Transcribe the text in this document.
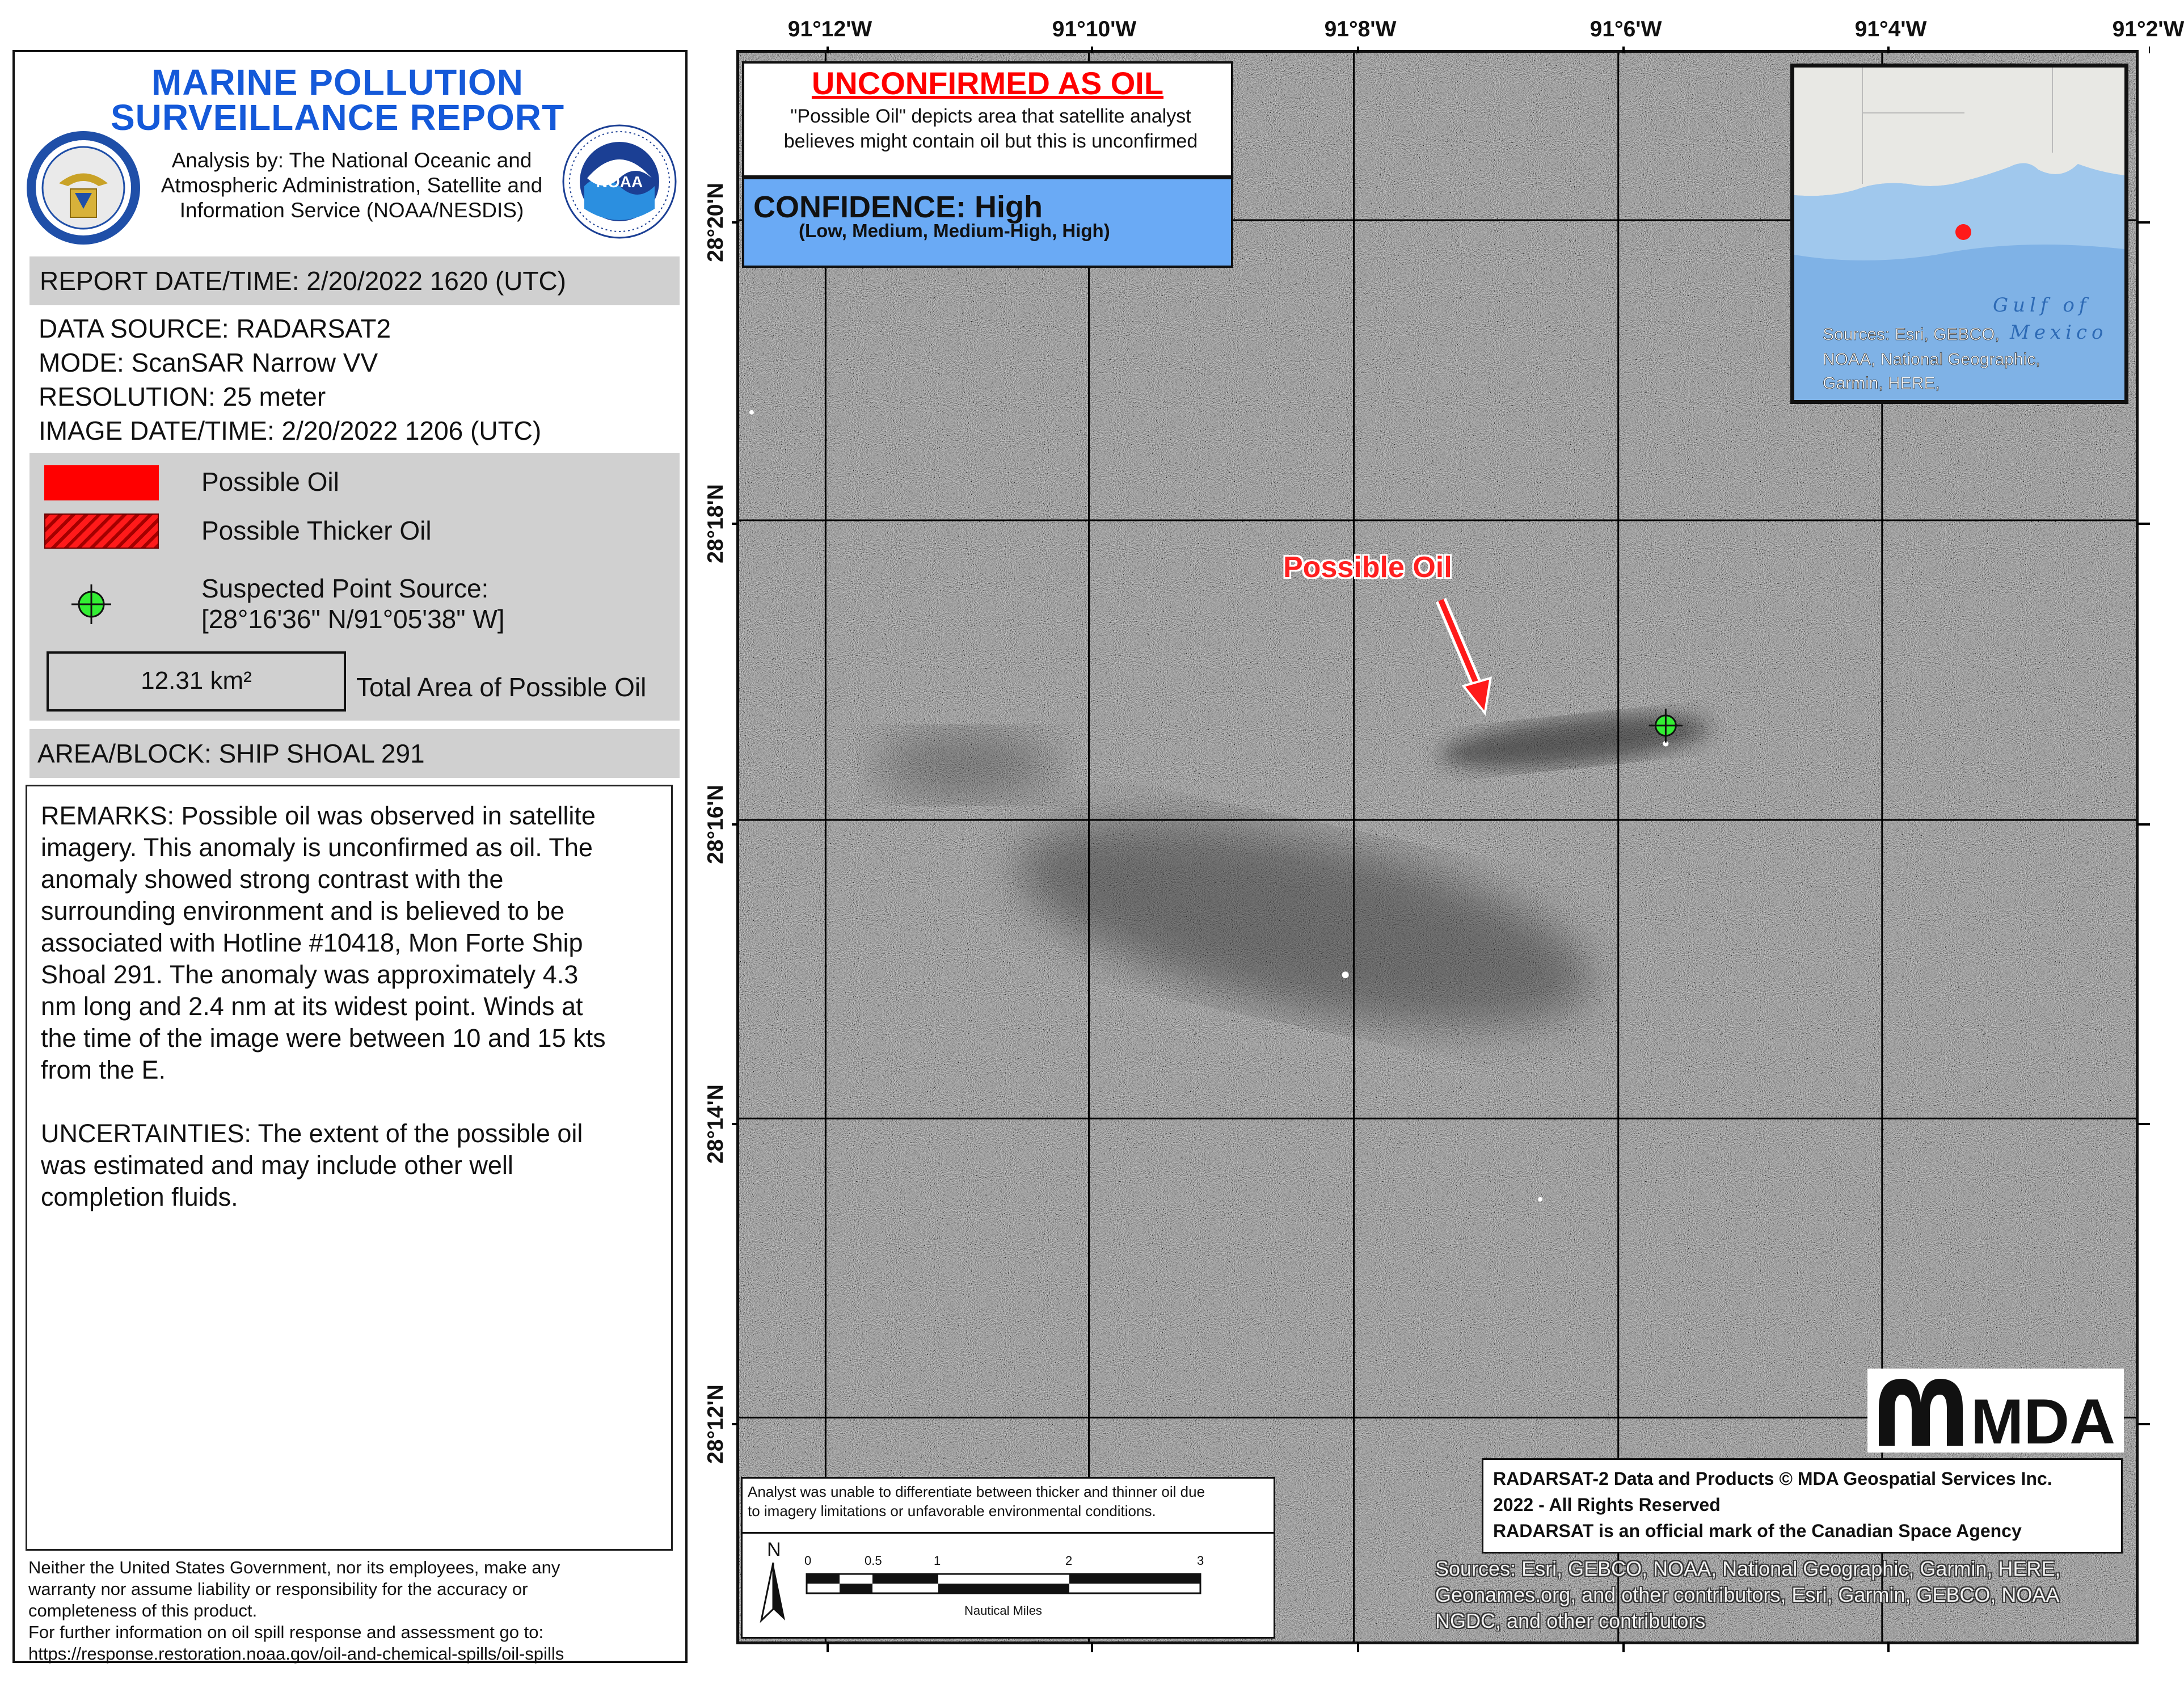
MARINE POLLUTION
SURVEILLANCE REPORT
NOAA
Analysis by: The National Oceanic and
Atmospheric Administration, Satellite and
Information Service (NOAA/NESDIS)
REPORT DATE/TIME: 2/20/2022 1620 (UTC)
DATA SOURCE: RADARSAT2
MODE: ScanSAR Narrow VV
RESOLUTION: 25 meter
IMAGE DATE/TIME: 2/20/2022 1206 (UTC)
Possible Oil
Possible Thicker Oil
Suspected Point Source:
[28°16'36" N/91°05'38" W]
12.31 km²	Total Area of Possible Oil
AREA/BLOCK: SHIP SHOAL 291
REMARKS: Possible oil was observed in satellite
imagery. This anomaly is unconfirmed as oil. The
anomaly showed strong contrast with the
surrounding environment and is believed to be
associated with Hotline #10418, Mon Forte Ship
Shoal 291. The anomaly was approximately 4.3
nm long and 2.4 nm at its widest point. Winds at
the time of the image were between 10 and 15 kts
from the E.
UNCERTAINTIES: The extent of the possible oil
was estimated and may include other well
completion fluids.
Neither the United States Government, nor its employees, make any
warranty nor assume liability or responsibility for the accuracy or
completeness of this product.
For further information on oil spill response and assessment go to:
https://response.restoration.noaa.gov/oil-and-chemical-spills/oil-spills
91°12'W	91°10'W	91°8'W	91°6'W	91°4'W	91°2'W
28°20'N
28°18'N
28°16'N
28°14'N
28°12'N
UNCONFIRMED AS OIL
"Possible Oil" depicts area that satellite analyst
believes might contain oil but this is unconfirmed
CONFIDENCE: High
(Low, Medium, Medium-High, High)
Gulf of
Mexico
Sources: Esri, GEBCO,
NOAA, National Geographic,
Garmin, HERE,
Possible Oil
MDA
RADARSAT-2 Data and Products © MDA Geospatial Services Inc.
2022 - All Rights Reserved
RADARSAT is an official mark of the Canadian Space Agency
Sources: Esri, GEBCO, NOAA, National Geographic, Garmin, HERE,
Geonames.org, and other contributors, Esri, Garmin, GEBCO, NOAA
NGDC, and other contributors
Analyst was unable to differentiate between thicker and thinner oil due
to imagery limitations or unfavorable environmental conditions.
N
0	0.5	1	2	3
Nautical Miles
